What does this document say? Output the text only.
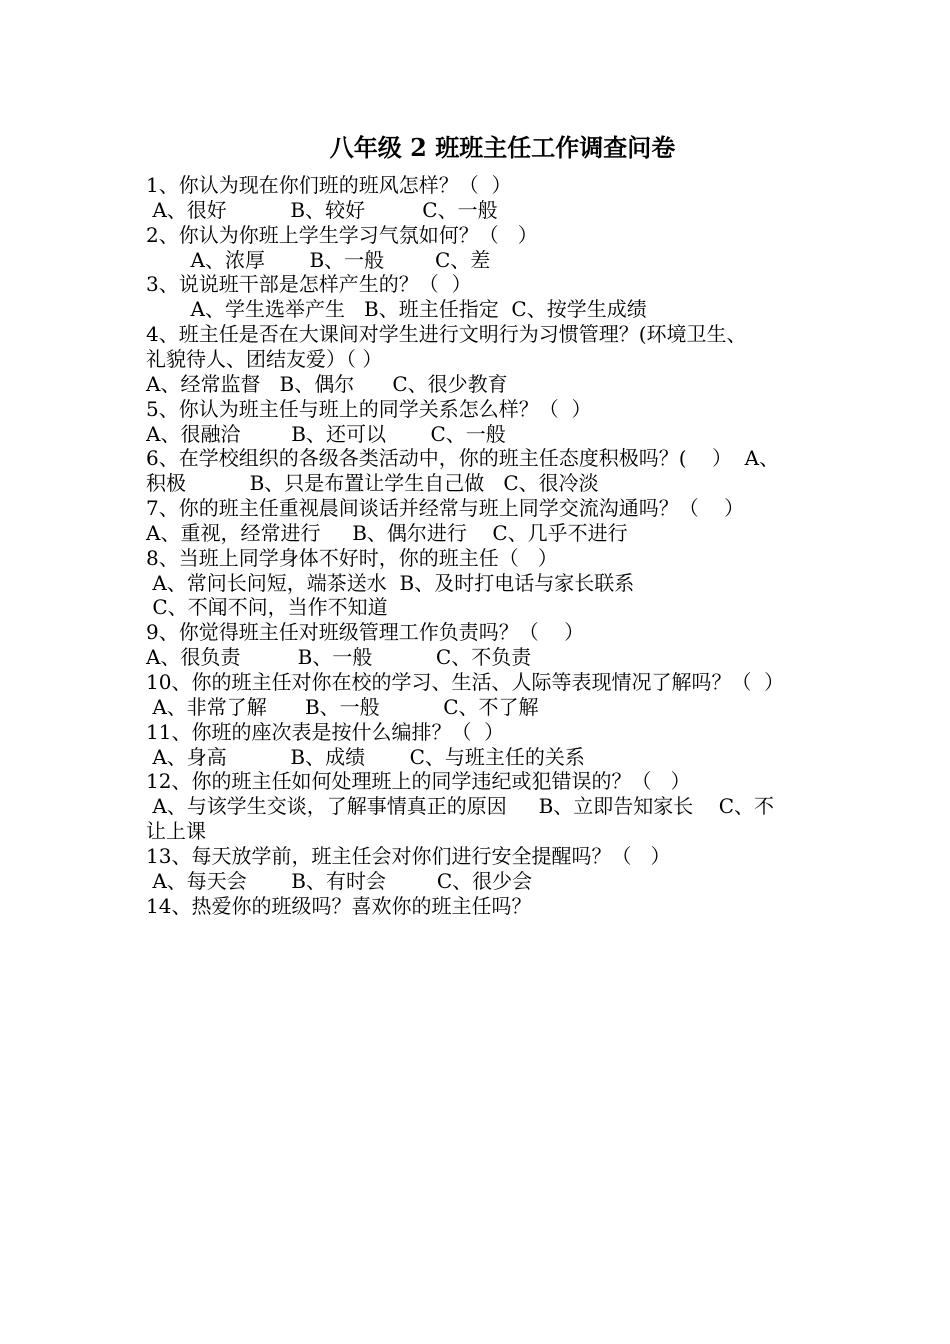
八年级 2 班班主任工作调查问卷

1、你认为现在你们班的班风怎样？（  ）

A、很好          B、较好         C、一般

2、你认为你班上学生学习气氛如何？（   ）

A、浓厚       B、一般        C、差

3、说说班干部是怎样产生的？（  ）

A、学生选举产生   B、班主任指定  C、按学生成绩

4、班主任是否在大课间对学生进行文明行为习惯管理？(环境卫生、

礼貌待人、团结友爱）（ ）

A、经常监督   B、偶尔      C、很少教育

5、你认为班主任与班上的同学关系怎么样？（  ）

A、很融洽        B、还可以       C、一般

6、在学校组织的各级各类活动中，你的班主任态度积极吗？(    ）  A、

积极          B、只是布置让学生自己做   C、很冷淡

7、你的班主任重视晨间谈话并经常与班上同学交流沟通吗？（    ）

A、重视，经常进行     B、偶尔进行    C、几乎不进行

8、当班上同学身体不好时，你的班主任（   ）

A、常问长问短，端茶送水  B、及时打电话与家长联系

C、不闻不问，当作不知道

9、你觉得班主任对班级管理工作负责吗？（    ）

A、很负责         B、一般          C、不负责

10、你的班主任对你在校的学习、生活、人际等表现情况了解吗？（  ）

A、非常了解      B、一般          C、不了解

11、你班的座次表是按什么编排？（  ）

A、身高          B、成绩       C、与班主任的关系

12、你的班主任如何处理班上的同学违纪或犯错误的？（   ）

A、与该学生交谈，了解事情真正的原因     B、立即告知家长    C、不

让上课

13、每天放学前，班主任会对你们进行安全提醒吗？（   ）

A、每天会       B、有时会        C、很少会

14、热爱你的班级吗？喜欢你的班主任吗？
